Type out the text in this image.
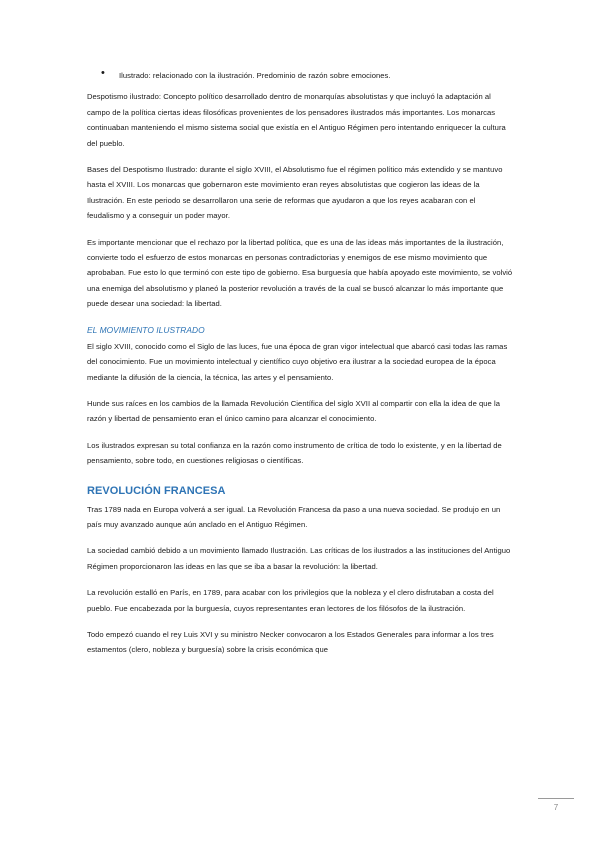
• Ilustrado: relacionado con la ilustración. Predominio de razón sobre emociones.

Despotismo ilustrado: Concepto político desarrollado dentro de monarquías absolutistas y que incluyó la adaptación al campo de la política ciertas ideas filosóficas provenientes de los pensadores ilustrados más importantes. Los monarcas continuaban manteniendo el mismo sistema social que existía en el Antiguo Régimen pero intentando enriquecer la cultura del pueblo.

Bases del Despotismo Ilustrado: durante el siglo XVIII, el Absolutismo fue el régimen político más extendido y se mantuvo hasta el XVIII. Los monarcas que gobernaron este movimiento eran reyes absolutistas que cogieron las ideas de la Ilustración. En este periodo se desarrollaron una serie de reformas que ayudaron a que los reyes acabaran con el feudalismo y a conseguir un poder mayor.

Es importante mencionar que el rechazo por la libertad política, que es una de las ideas más importantes de la ilustración, convierte todo el esfuerzo de estos monarcas en personas contradictorias y enemigos de ese mismo movimiento que aprobaban. Fue esto lo que terminó con este tipo de gobierno. Esa burguesía que había apoyado este movimiento, se volvió una enemiga del absolutismo y planeó la posterior revolución a través de la cual se buscó alcanzar lo más importante que puede desear una sociedad: la libertad.

EL MOVIMIENTO ILUSTRADO

El siglo XVIII, conocido como el Siglo de las luces, fue una época de gran vigor intelectual que abarcó casi todas las ramas del conocimiento. Fue un movimiento intelectual y científico cuyo objetivo era ilustrar a la sociedad europea de la época mediante la difusión de la ciencia, la técnica, las artes y el pensamiento.

Hunde sus raíces en los cambios de la llamada Revolución Científica del siglo XVII al compartir con ella la idea de que la razón y libertad de pensamiento eran el único camino para alcanzar el conocimiento.

Los ilustrados expresan su total confianza en la razón como instrumento de crítica de todo lo existente, y en la libertad de pensamiento, sobre todo, en cuestiones religiosas o científicas.

REVOLUCIÓN FRANCESA

Tras 1789 nada en Europa volverá a ser igual. La Revolución Francesa da paso a una nueva sociedad. Se produjo en un país muy avanzado aunque aún anclado en el Antiguo Régimen.

La sociedad cambió debido a un movimiento llamado Ilustración. Las críticas de los ilustrados a las instituciones del Antiguo Régimen proporcionaron las ideas en las que se iba a basar la revolución: la libertad.

La revolución estalló en París, en 1789, para acabar con los privilegios que la nobleza y el clero disfrutaban a costa del pueblo. Fue encabezada por la burguesía, cuyos representantes eran lectores de los filósofos de la ilustración.

Todo empezó cuando el rey Luis XVI y su ministro Necker convocaron a los Estados Generales para informar a los tres estamentos (clero, nobleza y burguesía) sobre la crisis económica que

7
